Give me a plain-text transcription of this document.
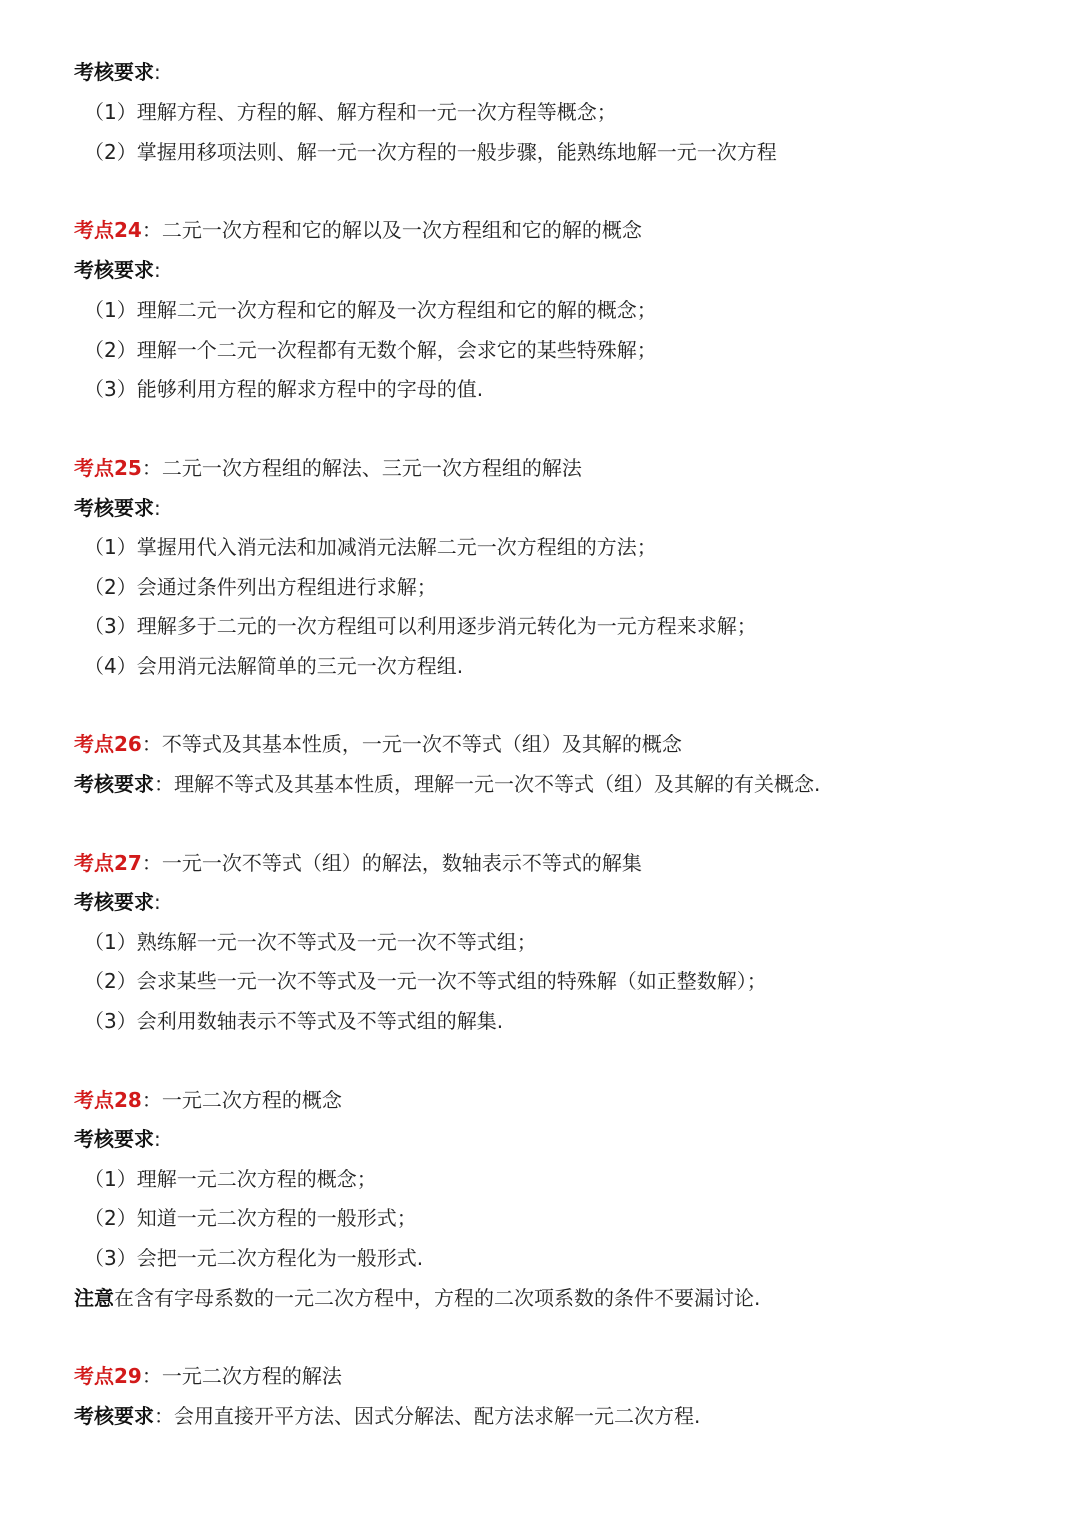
考核要求:
（1）理解方程、方程的解、解方程和一元一次方程等概念；
（2）掌握用移项法则、解一元一次方程的一般步骤，能熟练地解一元一次方程
考点24：二元一次方程和它的解以及一次方程组和它的解的概念
考核要求:
（1）理解二元一次方程和它的解及一次方程组和它的解的概念；
（2）理解一个二元一次程都有无数个解，会求它的某些特殊解；
（3）能够利用方程的解求方程中的字母的值.
考点25：二元一次方程组的解法、三元一次方程组的解法
考核要求:
（1）掌握用代入消元法和加减消元法解二元一次方程组的方法；
（2）会通过条件列出方程组进行求解；
（3）理解多于二元的一次方程组可以利用逐步消元转化为一元方程来求解；
（4）会用消元法解简单的三元一次方程组.
考点26：不等式及其基本性质，一元一次不等式（组）及其解的概念
考核要求：理解不等式及其基本性质，理解一元一次不等式（组）及其解的有关概念.
考点27：一元一次不等式（组）的解法，数轴表示不等式的解集
考核要求:
（1）熟练解一元一次不等式及一元一次不等式组；
（2）会求某些一元一次不等式及一元一次不等式组的特殊解（如正整数解）；
（3）会利用数轴表示不等式及不等式组的解集.
考点28：一元二次方程的概念
考核要求:
（1）理解一元二次方程的概念；
（2）知道一元二次方程的一般形式；
（3）会把一元二次方程化为一般形式.
注意在含有字母系数的一元二次方程中，方程的二次项系数的条件不要漏讨论.
考点29：一元二次方程的解法
考核要求：会用直接开平方法、因式分解法、配方法求解一元二次方程.
